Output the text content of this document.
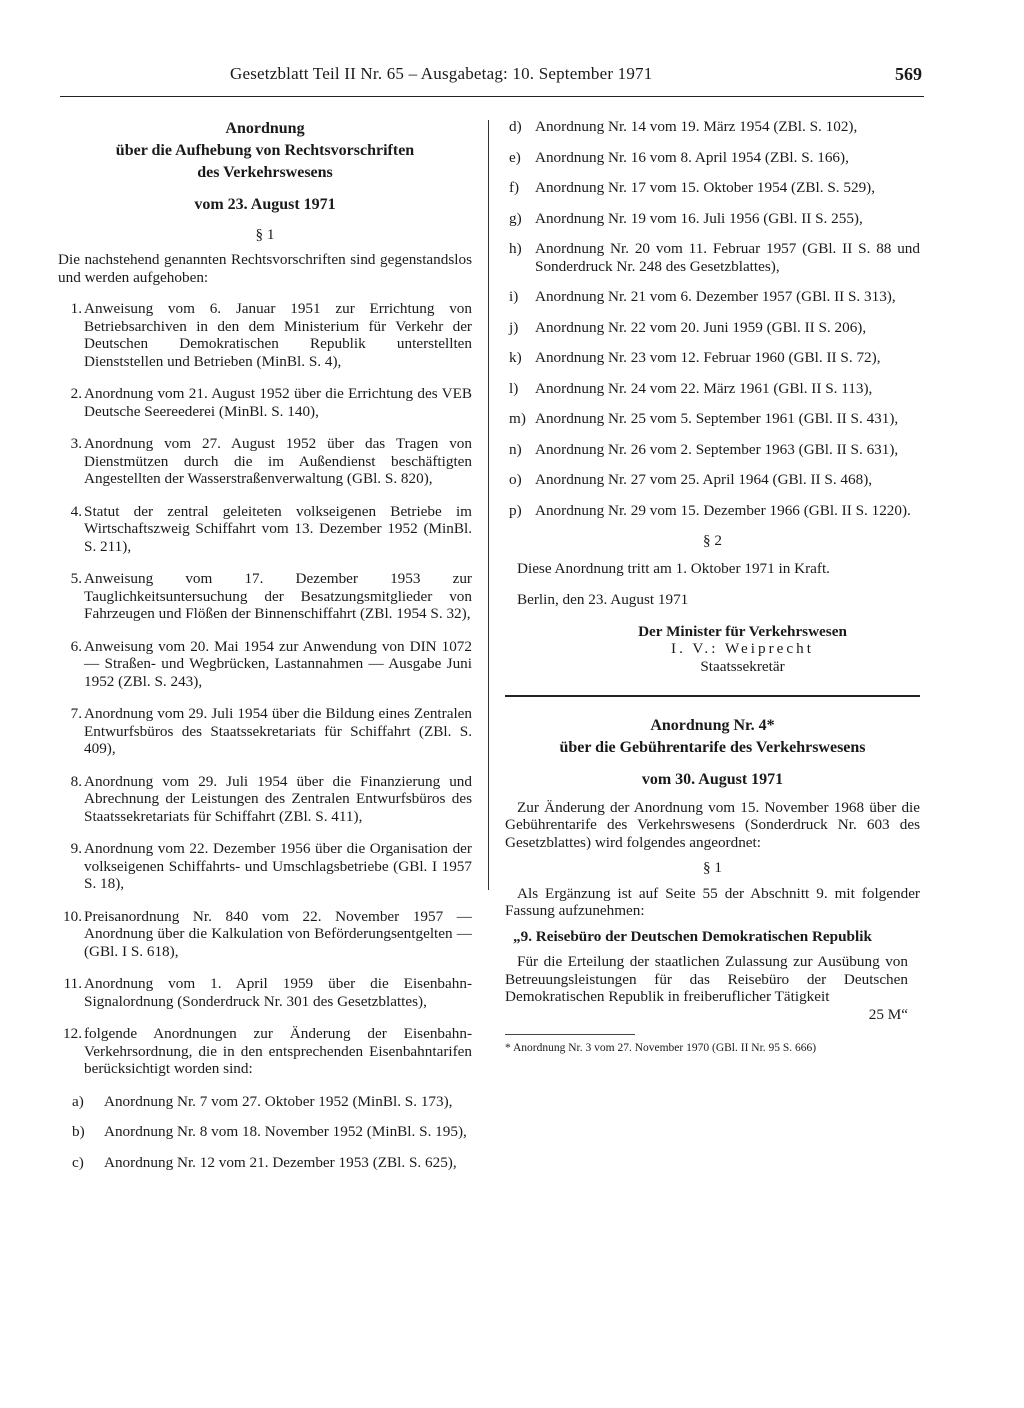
Gesetzblatt Teil II Nr. 65 – Ausgabetag: 10. September 1971	569
Anordnung
über die Aufhebung von Rechtsvorschriften
des Verkehrswesens
vom 23. August 1971
§ 1
Die nachstehend genannten Rechtsvorschriften sind gegenstandslos und werden aufgehoben:
1. Anweisung vom 6. Januar 1951 zur Errichtung von Betriebsarchiven in den dem Ministerium für Verkehr der Deutschen Demokratischen Republik unterstellten Dienststellen und Betrieben (MinBl. S. 4),
2. Anordnung vom 21. August 1952 über die Errichtung des VEB Deutsche Seereederei (MinBl. S. 140),
3. Anordnung vom 27. August 1952 über das Tragen von Dienstmützen durch die im Außendienst beschäftigten Angestellten der Wasserstraßenverwaltung (GBl. S. 820),
4. Statut der zentral geleiteten volkseigenen Betriebe im Wirtschaftszweig Schiffahrt vom 13. Dezember 1952 (MinBl. S. 211),
5. Anweisung vom 17. Dezember 1953 zur Tauglichkeitsuntersuchung der Besatzungsmitglieder von Fahrzeugen und Flößen der Binnenschiffahrt (ZBl. 1954 S. 32),
6. Anweisung vom 20. Mai 1954 zur Anwendung von DIN 1072 — Straßen- und Wegbrücken, Lastannahmen — Ausgabe Juni 1952 (ZBl. S. 243),
7. Anordnung vom 29. Juli 1954 über die Bildung eines Zentralen Entwurfsbüros des Staatssekretariats für Schiffahrt (ZBl. S. 409),
8. Anordnung vom 29. Juli 1954 über die Finanzierung und Abrechnung der Leistungen des Zentralen Entwurfsbüros des Staatssekretariats für Schiffahrt (ZBl. S. 411),
9. Anordnung vom 22. Dezember 1956 über die Organisation der volkseigenen Schiffahrts- und Umschlagsbetriebe (GBl. I 1957 S. 18),
10. Preisanordnung Nr. 840 vom 22. November 1957 — Anordnung über die Kalkulation von Beförderungsentgelten — (GBl. I S. 618),
11. Anordnung vom 1. April 1959 über die Eisenbahn-Signalordnung (Sonderdruck Nr. 301 des Gesetzblattes),
12. folgende Anordnungen zur Änderung der Eisenbahn-Verkehrsordnung, die in den entsprechenden Eisenbahntarifen berücksichtigt worden sind:
a) Anordnung Nr. 7 vom 27. Oktober 1952 (MinBl. S. 173),
b) Anordnung Nr. 8 vom 18. November 1952 (MinBl. S. 195),
c) Anordnung Nr. 12 vom 21. Dezember 1953 (ZBl. S. 625),
d) Anordnung Nr. 14 vom 19. März 1954 (ZBl. S. 102),
e) Anordnung Nr. 16 vom 8. April 1954 (ZBl. S. 166),
f) Anordnung Nr. 17 vom 15. Oktober 1954 (ZBl. S. 529),
g) Anordnung Nr. 19 vom 16. Juli 1956 (GBl. II S. 255),
h) Anordnung Nr. 20 vom 11. Februar 1957 (GBl. II S. 88 und Sonderdruck Nr. 248 des Gesetzblattes),
i) Anordnung Nr. 21 vom 6. Dezember 1957 (GBl. II S. 313),
j) Anordnung Nr. 22 vom 20. Juni 1959 (GBl. II S. 206),
k) Anordnung Nr. 23 vom 12. Februar 1960 (GBl. II S. 72),
l) Anordnung Nr. 24 vom 22. März 1961 (GBl. II S. 113),
m) Anordnung Nr. 25 vom 5. September 1961 (GBl. II S. 431),
n) Anordnung Nr. 26 vom 2. September 1963 (GBl. II S. 631),
o) Anordnung Nr. 27 vom 25. April 1964 (GBl. II S. 468),
p) Anordnung Nr. 29 vom 15. Dezember 1966 (GBl. II S. 1220).
§ 2
Diese Anordnung tritt am 1. Oktober 1971 in Kraft.
Berlin, den 23. August 1971
Der Minister für Verkehrswesen
I. V.: Weiprecht
Staatssekretär
Anordnung Nr. 4*
über die Gebührentarife des Verkehrswesens
vom 30. August 1971
Zur Änderung der Anordnung vom 15. November 1968 über die Gebührentarife des Verkehrswesens (Sonderdruck Nr. 603 des Gesetzblattes) wird folgendes angeordnet:
§ 1
Als Ergänzung ist auf Seite 55 der Abschnitt 9. mit folgender Fassung aufzunehmen:
„9. Reisebüro der Deutschen Demokratischen Republik
Für die Erteilung der staatlichen Zulassung zur Ausübung von Betreuungsleistungen für das Reisebüro der Deutschen Demokratischen Republik in freiberuflicher Tätigkeit
25 M“
* Anordnung Nr. 3 vom 27. November 1970 (GBl. II Nr. 95 S. 666)
